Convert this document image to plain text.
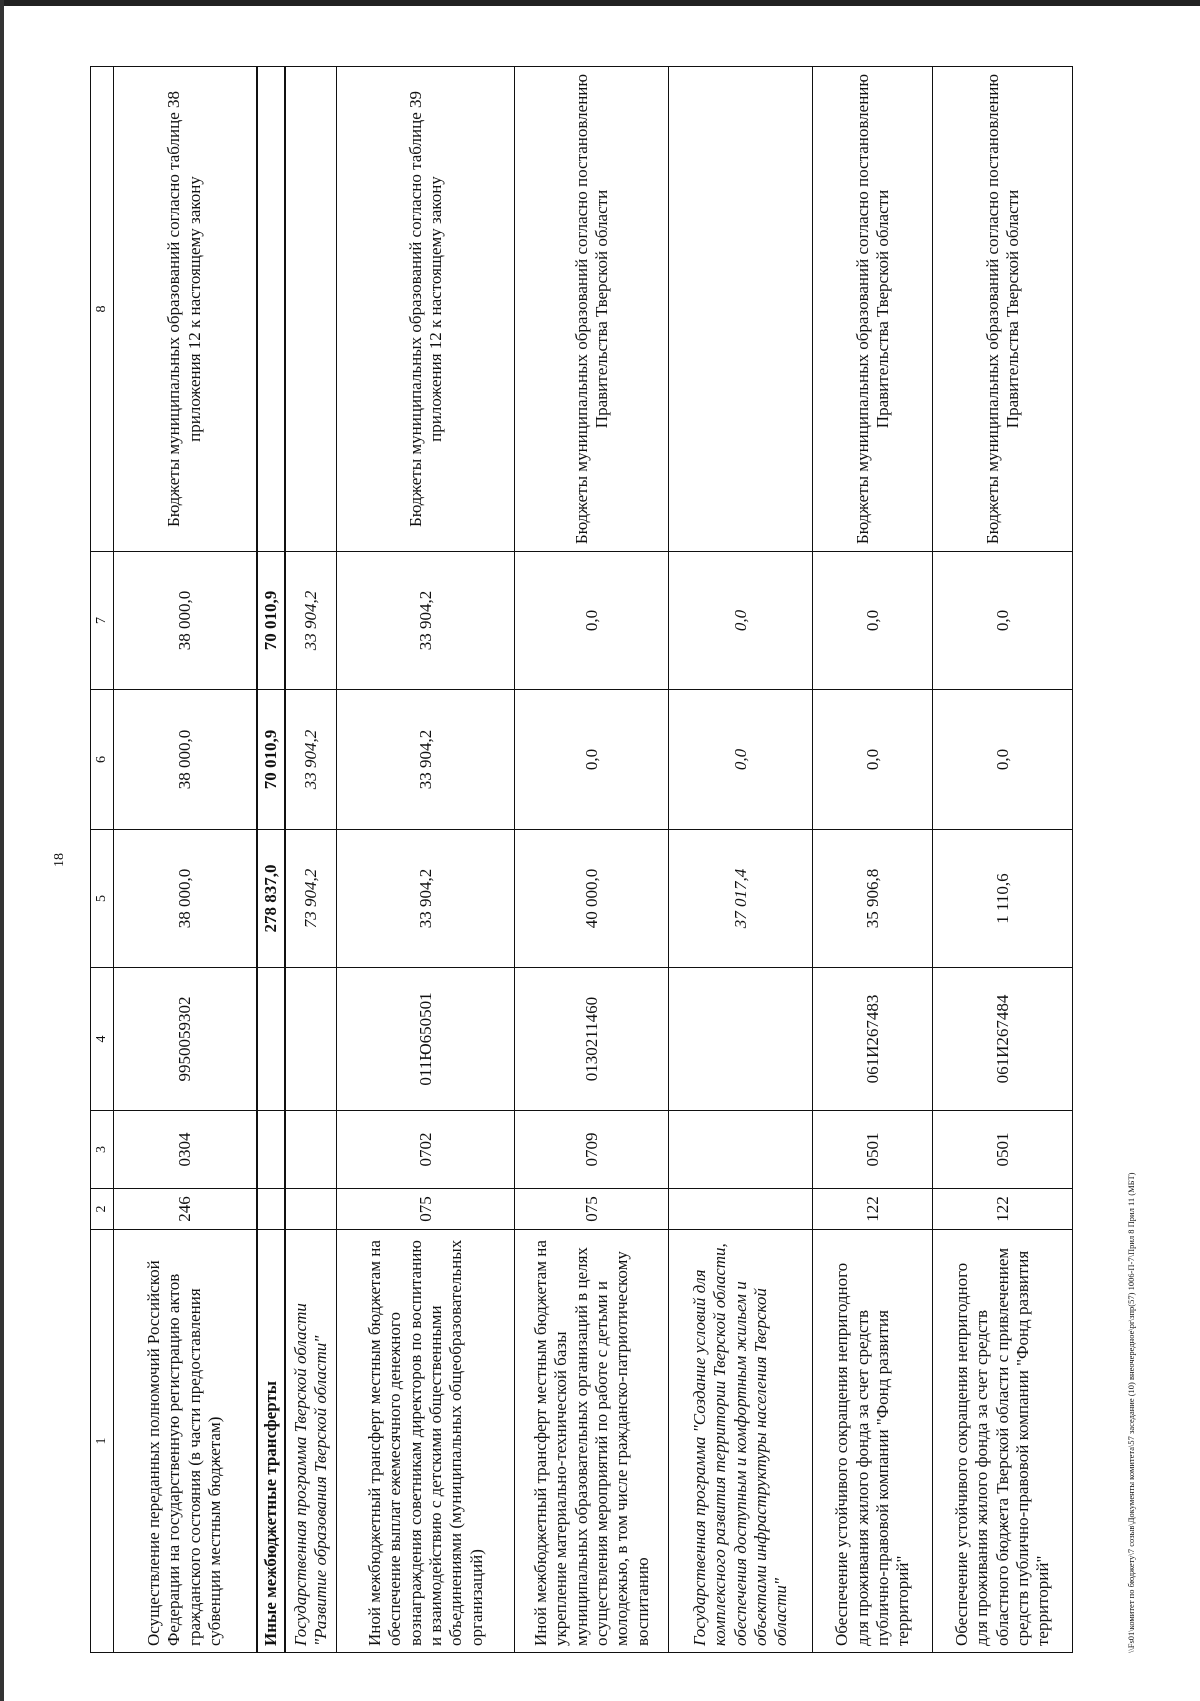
18
1	2	3	4	5	6	7	8
Осуществление переданных полномочий Российской Федерации на государственную регистрацию актов гражданского состояния (в части предоставления субвенции местным бюджетам)	246	0304	9950059302	38 000,0	38 000,0	38 000,0	Бюджеты муниципальных образований согласно таблице 38 приложения 12 к настоящему закону
Иные межбюджетные трансферты				278 837,0	70 010,9	70 010,9	
Государственная программа Тверской области "Развитие образования Тверской области"				73 904,2	33 904,2	33 904,2	
Иной межбюджетный трансферт местным бюджетам на обеспечение выплат ежемесячного денежного вознаграждения советникам директоров по воспитанию и взаимодействию с детскими общественными объединениями (муниципальных общеобразовательных организаций)	075	0702	011Ю650501	33 904,2	33 904,2	33 904,2	Бюджеты муниципальных образований согласно таблице 39 приложения 12 к настоящему закону
Иной межбюджетный трансферт местным бюджетам на укрепление материально-технической базы муниципальных образовательных организаций в целях осуществления мероприятий по работе с детьми и молодежью, в том числе гражданско-патриотическому воспитанию	075	0709	0130211460	40 000,0	0,0	0,0	Бюджеты муниципальных образований согласно постановлению Правительства Тверской области
Государственная программа "Создание условий для комплексного развития территории Тверской области, обеспечения доступным и комфортным жильем и объектами инфраструктуры населения Тверской области"				37 017,4	0,0	0,0	
Обеспечение устойчивого сокращения непригодного для проживания жилого фонда за счет средств публично-правовой компании "Фонд развития территорий"	122	0501	061И267483	35 906,8	0,0	0,0	Бюджеты муниципальных образований согласно постановлению Правительства Тверской области
Обеспечение устойчивого сокращения непригодного для проживания жилого фонда за счет средств областного бюджета Тверской области с привлечением средств публично-правовой компании "Фонд развития территорий"	122	0501	061И267484	1 110,6	0,0	0,0	Бюджеты муниципальных образований согласно постановлению Правительства Тверской области
\\Fs01\комитет по бюджету\7 созыв\Документы комитета\57 заседание (10) внеочередное\pr\зпр(57) 1006-П-7\Прил 8 Прил 11 (МБТ)
